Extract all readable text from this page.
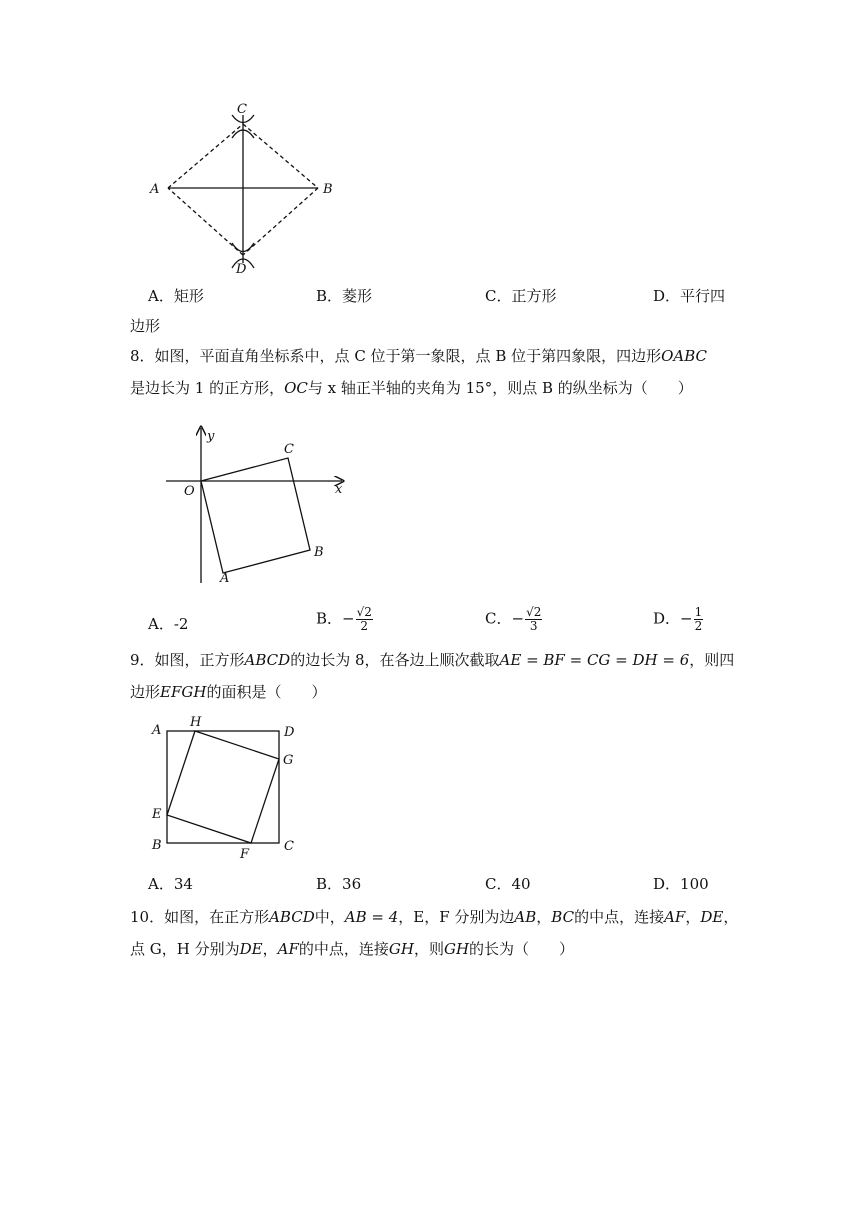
A	B
C
D
A．矩形	B．菱形	C．正方形	D．平行四
边形
8．如图，平面直角坐标系中，点 C 位于第一象限，点 B 位于第四象限，四边形OABC
是边长为 1 的正方形，OC与 x 轴正半轴的夹角为 15°，则点 B 的纵坐标为（　　）
y
x
O
C
B
A
A．-2	B．− $\frac{√2}{2}$	C．− $\frac{√2}{3}$	D．− $\frac{1}{2}$
9．如图，正方形ABCD的边长为 8，在各边上顺次截取AE = BF = CG = DH = 6，则四
边形EFGH的面积是（　　）
A
H
D
G
E
B
F
C
A．34	B．36	C．40	D．100
10．如图，在正方形ABCD中，AB = 4，E，F 分别为边AB，BC的中点，连接AF，DE，
点 G，H 分别为DE，AF的中点，连接GH，则GH的长为（　　）
